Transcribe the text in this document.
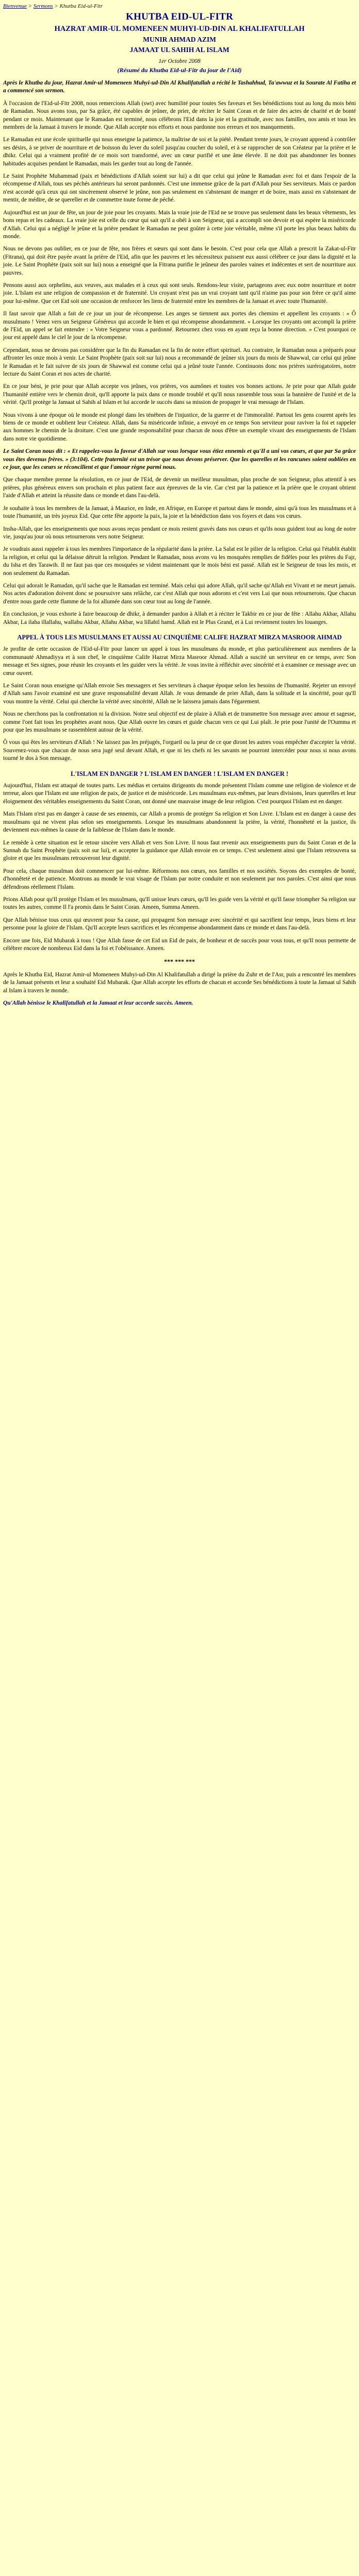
Bienvenue > Sermons > Khutba Eid-ul-Fitr
KHUTBA EID-UL-FITR
HAZRAT AMIR-UL MOMENEEN MUHYI-UD-DIN AL KHALIFATULLAH
MUNIR AHMAD AZIM
JAMAAT UL SAHIH AL ISLAM
1er Octobre 2008
(Résumé du Khutba Eid-ul-Fitr du jour de l'Aïd)

Après le Khutba du jour, Hazrat Amir-ul Momeneen Muhyi-ud-Din Al Khalifatullah a récité le Tashahhud, Ta'awwuz et la Sourate Al Fatiha et a commencé son sermon.

À l'occasion de l'Eid-ul-Fitr 2008, nous remercions Allah (swt) avec humilité pour toutes Ses faveurs et Ses bénédictions tout au long du mois béni de Ramadan. Nous avons tous, par Sa grâce, été capables de jeûner, de prier, de réciter le Saint Coran et de faire des actes de charité et de bonté pendant ce mois. Maintenant que le Ramadan est terminé, nous célébrons l'Eid dans la joie et la gratitude, avec nos familles, nos amis et tous les membres de la Jamaat à travers le monde. Que Allah accepte nos efforts et nous pardonne nos erreurs et nos manquements.

Le Ramadan est une école spirituelle qui nous enseigne la patience, la maîtrise de soi et la piété. Pendant trente jours, le croyant apprend à contrôler ses désirs, à se priver de nourriture et de boisson du lever du soleil jusqu'au coucher du soleil, et à se rapprocher de son Créateur par la prière et le dhikr. Celui qui a vraiment profité de ce mois sort transformé, avec un cœur purifié et une âme élevée. Il ne doit pas abandonner les bonnes habitudes acquises pendant le Ramadan, mais les garder tout au long de l'année.

Le Saint Prophète Muhammad (paix et bénédictions d'Allah soient sur lui) a dit que celui qui jeûne le Ramadan avec foi et dans l'espoir de la récompense d'Allah, tous ses péchés antérieurs lui seront pardonnés. C'est une immense grâce de la part d'Allah pour Ses serviteurs. Mais ce pardon n'est accordé qu'à ceux qui ont sincèrement observé le jeûne, non pas seulement en s'abstenant de manger et de boire, mais aussi en s'abstenant de mentir, de médire, de se quereller et de commettre toute forme de péché.

Aujourd'hui est un jour de fête, un jour de joie pour les croyants. Mais la vraie joie de l'Eid ne se trouve pas seulement dans les beaux vêtements, les bons repas et les cadeaux. La vraie joie est celle du cœur qui sait qu'il a obéi à son Seigneur, qui a accompli son devoir et qui espère la miséricorde d'Allah. Celui qui a négligé le jeûne et la prière pendant le Ramadan ne peut goûter à cette joie véritable, même s'il porte les plus beaux habits du monde.

Nous ne devons pas oublier, en ce jour de fête, nos frères et sœurs qui sont dans le besoin. C'est pour cela que Allah a prescrit la Zakat-ul-Fitr (Fitrana), qui doit être payée avant la prière de l'Eid, afin que les pauvres et les nécessiteux puissent eux aussi célébrer ce jour dans la dignité et la joie. Le Saint Prophète (paix soit sur lui) nous a enseigné que la Fitrana purifie le jeûneur des paroles vaines et indécentes et sert de nourriture aux pauvres.

Pensons aussi aux orphelins, aux veuves, aux malades et à ceux qui sont seuls. Rendons-leur visite, partageons avec eux notre nourriture et notre joie. L'Islam est une religion de compassion et de fraternité. Un croyant n'est pas un vrai croyant tant qu'il n'aime pas pour son frère ce qu'il aime pour lui-même. Que cet Eid soit une occasion de renforcer les liens de fraternité entre les membres de la Jamaat et avec toute l'humanité.

Il faut savoir que Allah a fait de ce jour un jour de récompense. Les anges se tiennent aux portes des chemins et appellent les croyants : « Ô musulmans ! Venez vers un Seigneur Généreux qui accorde le bien et qui récompense abondamment. » Lorsque les croyants ont accompli la prière de l'Eid, un appel se fait entendre : « Votre Seigneur vous a pardonné. Retournez chez vous en ayant reçu la bonne direction. » C'est pourquoi ce jour est appelé dans le ciel le jour de la récompense.

Cependant, nous ne devons pas considérer que la fin du Ramadan est la fin de notre effort spirituel. Au contraire, le Ramadan nous a préparés pour affronter les onze mois à venir. Le Saint Prophète (paix soit sur lui) nous a recommandé de jeûner six jours du mois de Shawwal, car celui qui jeûne le Ramadan et le fait suivre de six jours de Shawwal est comme celui qui a jeûné toute l'année. Continuons donc nos prières surérogatoires, notre lecture du Saint Coran et nos actes de charité.

En ce jour béni, je prie pour que Allah accepte vos jeûnes, vos prières, vos aumônes et toutes vos bonnes actions. Je prie pour que Allah guide l'humanité entière vers le chemin droit, qu'Il apporte la paix dans ce monde troublé et qu'Il nous rassemble tous sous la bannière de l'unité et de la vérité. Qu'Il protège la Jamaat ul Sahih al Islam et lui accorde le succès dans sa mission de propager le vrai message de l'Islam.

Nous vivons à une époque où le monde est plongé dans les ténèbres de l'injustice, de la guerre et de l'immoralité. Partout les gens courent après les biens de ce monde et oublient leur Créateur. Allah, dans Sa miséricorde infinie, a envoyé en ce temps Son serviteur pour raviver la foi et rappeler aux hommes le chemin de la droiture. C'est une grande responsabilité pour chacun de nous d'être un exemple vivant des enseignements de l'Islam dans notre vie quotidienne.

Le Saint Coran nous dit : « Et rappelez-vous la faveur d'Allah sur vous lorsque vous étiez ennemis et qu'Il a uni vos cœurs, et que par Sa grâce vous êtes devenus frères. » (3:104). Cette fraternité est un trésor que nous devons préserver. Que les querelles et les rancunes soient oubliées en ce jour, que les cœurs se réconcilient et que l'amour règne parmi nous.

Que chaque membre prenne la résolution, en ce jour de l'Eid, de devenir un meilleur musulman, plus proche de son Seigneur, plus attentif à ses prières, plus généreux envers son prochain et plus patient face aux épreuves de la vie. Car c'est par la patience et la prière que le croyant obtient l'aide d'Allah et atteint la réussite dans ce monde et dans l'au-delà.

Je souhaite à tous les membres de la Jamaat, à Maurice, en Inde, en Afrique, en Europe et partout dans le monde, ainsi qu'à tous les musulmans et à toute l'humanité, un très joyeux Eid. Que cette fête apporte la paix, la joie et la bénédiction dans vos foyers et dans vos cœurs.

Insha-Allah, que les enseignements que nous avons reçus pendant ce mois restent gravés dans nos cœurs et qu'ils nous guident tout au long de notre vie, jusqu'au jour où nous retournerons vers notre Seigneur.

Je voudrais aussi rappeler à tous les membres l'importance de la régularité dans la prière. La Salat est le pilier de la religion. Celui qui l'établit établit la religion, et celui qui la délaisse détruit la religion. Pendant le Ramadan, nous avons vu les mosquées remplies de fidèles pour les prières du Fajr, du Isha et des Tarawih. Il ne faut pas que ces mosquées se vident maintenant que le mois béni est passé. Allah est le Seigneur de tous les mois, et non seulement du Ramadan.

Celui qui adorait le Ramadan, qu'il sache que le Ramadan est terminé. Mais celui qui adore Allah, qu'il sache qu'Allah est Vivant et ne meurt jamais. Nos actes d'adoration doivent donc se poursuivre sans relâche, car c'est Allah que nous adorons et c'est vers Lui que nous retournerons. Que chacun d'entre nous garde cette flamme de la foi allumée dans son cœur tout au long de l'année.

En conclusion, je vous exhorte à faire beaucoup de dhikr, à demander pardon à Allah et à réciter le Takbir en ce jour de fête : Allahu Akbar, Allahu Akbar, La ilaha illallahu, wallahu Akbar, Allahu Akbar, wa lillahil hamd. Allah est le Plus Grand, et à Lui reviennent toutes les louanges.

APPEL À TOUS LES MUSULMANS ET AUSSI AU CINQUIÈME CALIFE HAZRAT MIRZA MASROOR AHMAD

Je profite de cette occasion de l'Eid-ul-Fitr pour lancer un appel à tous les musulmans du monde, et plus particulièrement aux membres de la communauté Ahmadiyya et à son chef, le cinquième Calife Hazrat Mirza Masroor Ahmad. Allah a suscité un serviteur en ce temps, avec Son message et Ses signes, pour réunir les croyants et les guider vers la vérité. Je vous invite à réfléchir avec sincérité et à examiner ce message avec un cœur ouvert.

Le Saint Coran nous enseigne qu'Allah envoie Ses messagers et Ses serviteurs à chaque époque selon les besoins de l'humanité. Rejeter un envoyé d'Allah sans l'avoir examiné est une grave responsabilité devant Allah. Je vous demande de prier Allah, dans la solitude et la sincérité, pour qu'Il vous montre la vérité. Celui qui cherche la vérité avec sincérité, Allah ne le laissera jamais dans l'égarement.

Nous ne cherchons pas la confrontation ni la division. Notre seul objectif est de plaire à Allah et de transmettre Son message avec amour et sagesse, comme l'ont fait tous les prophètes avant nous. Que Allah ouvre les cœurs et guide chacun vers ce qui Lui plaît. Je prie pour l'unité de l'Oumma et pour que les musulmans se rassemblent autour de la vérité.

Ô vous qui êtes les serviteurs d'Allah ! Ne laissez pas les préjugés, l'orgueil ou la peur de ce que diront les autres vous empêcher d'accepter la vérité. Souvenez-vous que chacun de nous sera jugé seul devant Allah, et que ni les chefs ni les savants ne pourront intercéder pour nous si nous avons tourné le dos à Son message.

L'ISLAM EN DANGER ? L'ISLAM EN DANGER ! L'ISLAM EN DANGER !

Aujourd'hui, l'Islam est attaqué de toutes parts. Les médias et certains dirigeants du monde présentent l'Islam comme une religion de violence et de terreur, alors que l'Islam est une religion de paix, de justice et de miséricorde. Les musulmans eux-mêmes, par leurs divisions, leurs querelles et leur éloignement des véritables enseignements du Saint Coran, ont donné une mauvaise image de leur religion. C'est pourquoi l'Islam est en danger.

Mais l'Islam n'est pas en danger à cause de ses ennemis, car Allah a promis de protéger Sa religion et Son Livre. L'Islam est en danger à cause des musulmans qui ne vivent plus selon ses enseignements. Lorsque les musulmans abandonnent la prière, la vérité, l'honnêteté et la justice, ils deviennent eux-mêmes la cause de la faiblesse de l'Islam dans le monde.

Le remède à cette situation est le retour sincère vers Allah et vers Son Livre. Il nous faut revenir aux enseignements purs du Saint Coran et de la Sunnah du Saint Prophète (paix soit sur lui), et accepter la guidance que Allah envoie en ce temps. C'est seulement ainsi que l'Islam retrouvera sa gloire et que les musulmans retrouveront leur dignité.

Pour cela, chaque musulman doit commencer par lui-même. Réformons nos cœurs, nos familles et nos sociétés. Soyons des exemples de bonté, d'honnêteté et de patience. Montrons au monde le vrai visage de l'Islam par notre conduite et non seulement par nos paroles. C'est ainsi que nous défendrons réellement l'Islam.

Prions Allah pour qu'Il protège l'Islam et les musulmans, qu'Il unisse leurs cœurs, qu'Il les guide vers la vérité et qu'Il fasse triompher Sa religion sur toutes les autres, comme Il l'a promis dans le Saint Coran. Ameen, Summa Ameen.

Que Allah bénisse tous ceux qui œuvrent pour Sa cause, qui propagent Son message avec sincérité et qui sacrifient leur temps, leurs biens et leur personne pour la gloire de l'Islam. Qu'Il accepte leurs sacrifices et les récompense abondamment dans ce monde et dans l'au-delà.

Encore une fois, Eid Mubarak à tous ! Que Allah fasse de cet Eid un Eid de paix, de bonheur et de succès pour vous tous, et qu'Il nous permette de célébrer encore de nombreux Eid dans la foi et l'obéissance. Ameen.

*** *** ***

Après le Khutba Eid, Hazrat Amir-ul Momeneen Muhyi-ud-Din Al Khalifatullah a dirigé la prière du Zuhr et de l'Asr, puis a rencontré les membres de la Jamaat présents et leur a souhaité Eid Mubarak. Que Allah accepte les efforts de chacun et accorde Ses bénédictions à toute la Jamaat ul Sahih al Islam à travers le monde.

Qu'Allah bénisse le Khalifatullah et la Jamaat et leur accorde succès. Ameen.
